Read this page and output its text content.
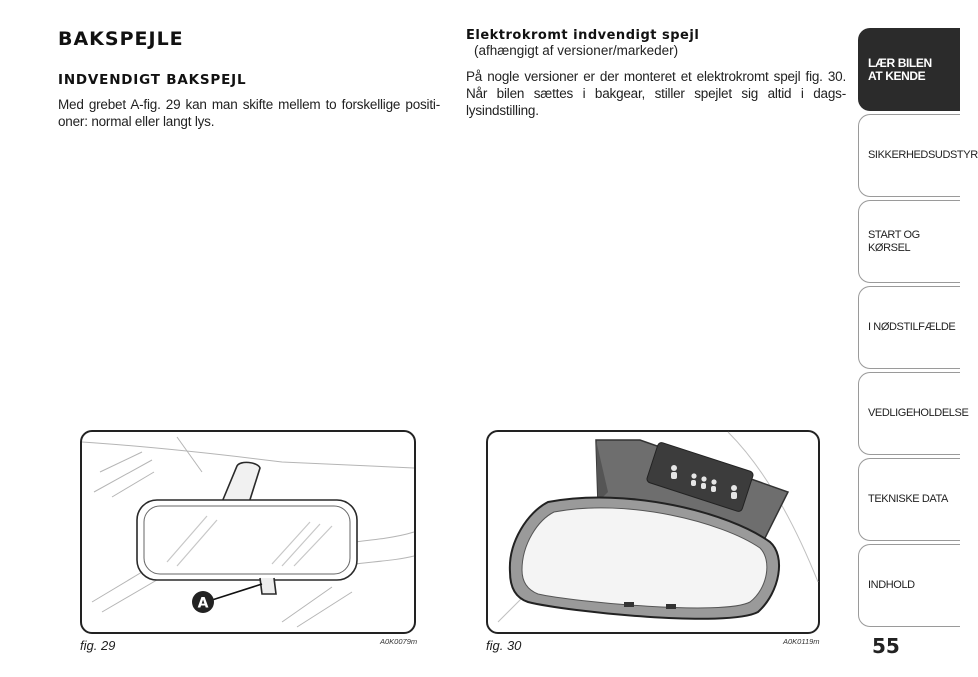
BAKSPEJLE
INDVENDIGT BAKSPEJL

Med grebet A-fig. 29 kan man skifte mellem to forskellige positi-oner: normal eller langt lys.

Elektrokromt indvendigt spejl
(afhængigt af versioner/markeder)

På nogle versioner er der monteret et elektrokromt spejl fig. 30. Når bilen sættes i bakgear, stiller spejlet sig altid i dags-lysindstilling.

A
fig. 29	A0K0079m	fig. 30	A0K0119m
LÆR BILEN
AT KENDE
SIKKERHEDSUDSTYR
START OG KØRSEL
I NØDSTILFÆLDE
VEDLIGEHOLDELSE
TEKNISKE DATA
INDHOLD
55
